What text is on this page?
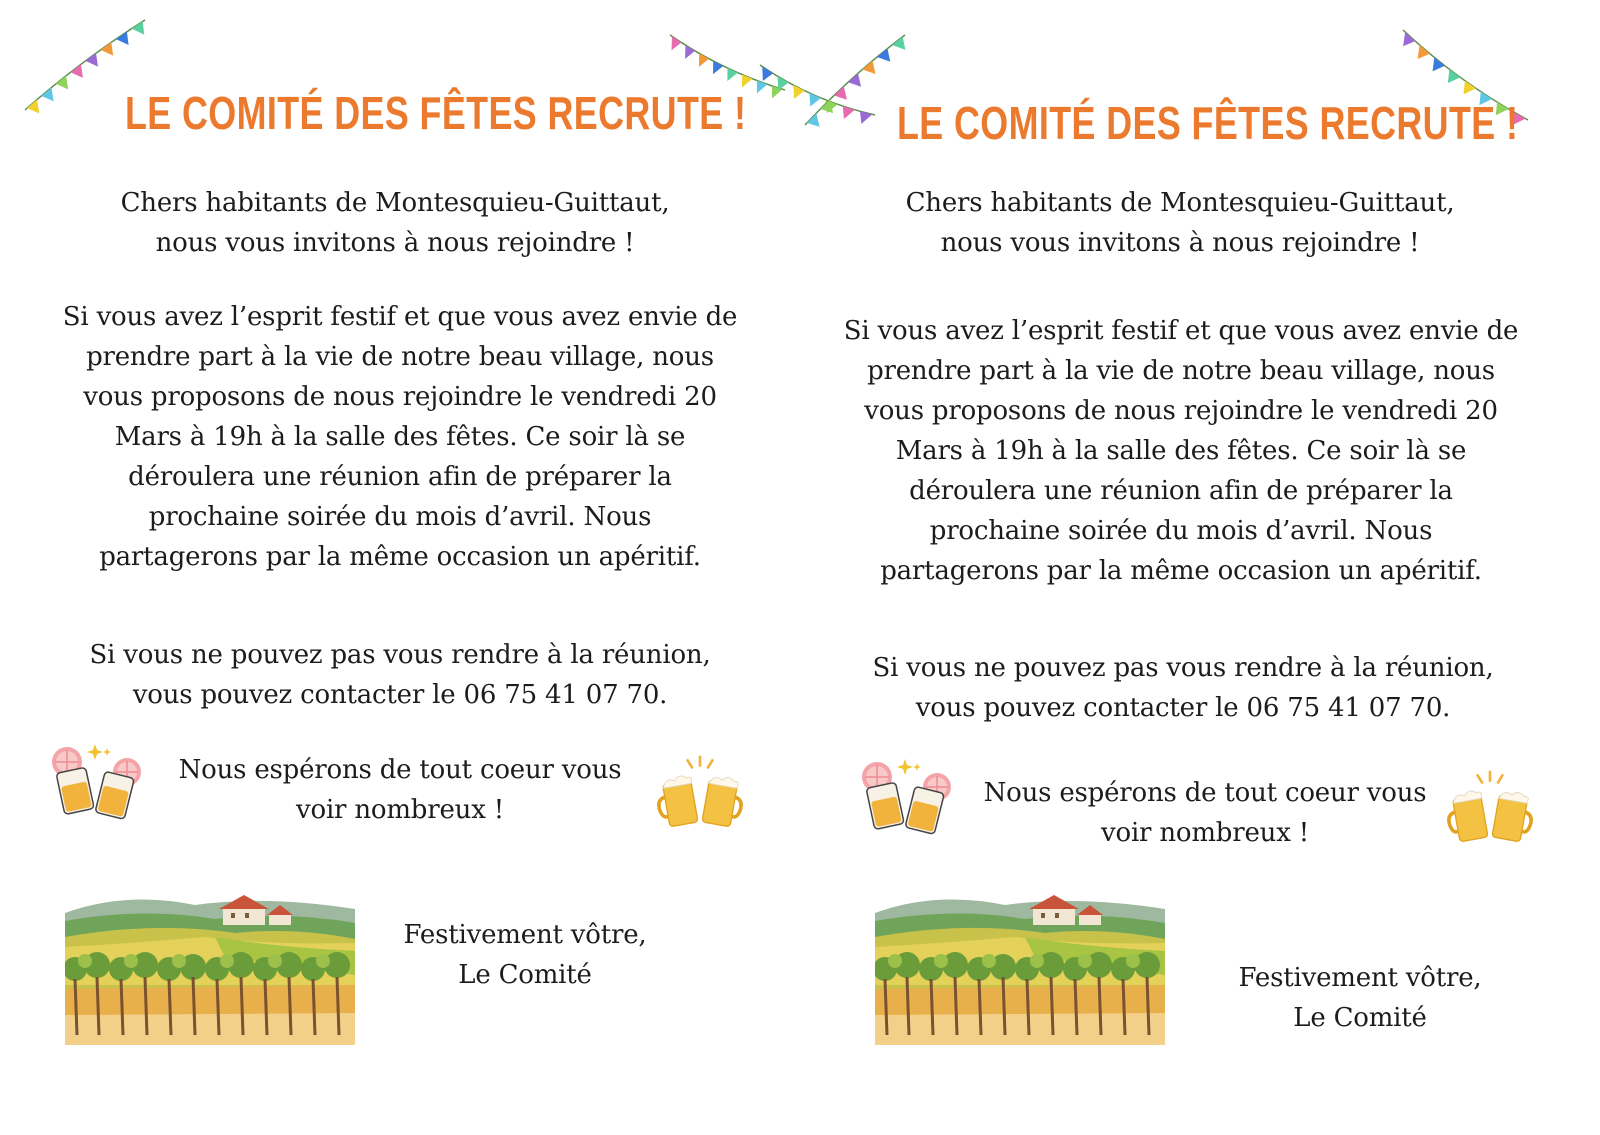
LE COMITÉ DES FÊTES RECRUTE !

Chers habitants de Montesquieu-Guittaut,
nous vous invitons à nous rejoindre !

Si vous avez l’esprit festif et que vous avez envie de
prendre part à la vie de notre beau village, nous
vous proposons de nous rejoindre le vendredi 20
Mars à 19h à la salle des fêtes. Ce soir là se
déroulera une réunion afin de préparer la
prochaine soirée du mois d’avril. Nous
partagerons par la même occasion un apéritif.

Si vous ne pouvez pas vous rendre à la réunion,
vous pouvez contacter le 06 75 41 07 70.

Nous espérons de tout coeur vous
voir nombreux !

Festivement vôtre,
Le Comité

LE COMITÉ DES FÊTES RECRUTE !

Chers habitants de Montesquieu-Guittaut,
nous vous invitons à nous rejoindre !

Si vous avez l’esprit festif et que vous avez envie de
prendre part à la vie de notre beau village, nous
vous proposons de nous rejoindre le vendredi 20
Mars à 19h à la salle des fêtes. Ce soir là se
déroulera une réunion afin de préparer la
prochaine soirée du mois d’avril. Nous
partagerons par la même occasion un apéritif.

Si vous ne pouvez pas vous rendre à la réunion,
vous pouvez contacter le 06 75 41 07 70.

Nous espérons de tout coeur vous
voir nombreux !

Festivement vôtre,
Le Comité
